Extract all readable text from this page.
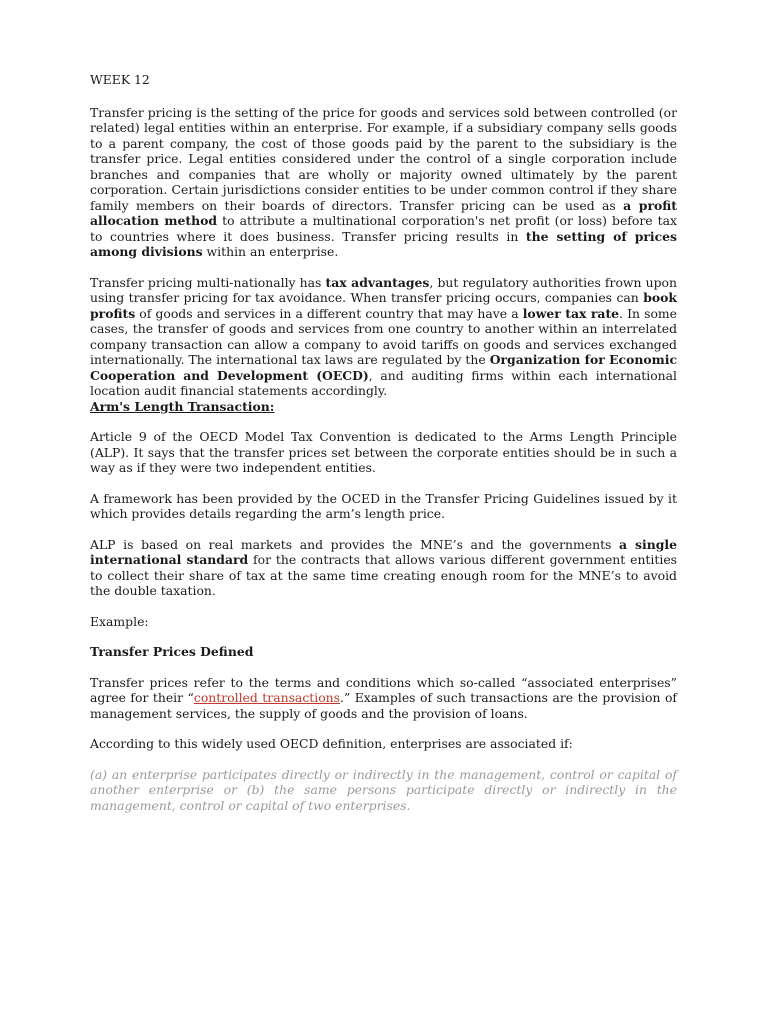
WEEK 12

Transfer pricing is the setting of the price for goods and services sold between controlled (or related) legal entities within an enterprise. For example, if a subsidiary company sells goods to a parent company, the cost of those goods paid by the parent to the subsidiary is the transfer price. Legal entities considered under the control of a single corporation include branches and companies that are wholly or majority owned ultimately by the parent corporation. Certain jurisdictions consider entities to be under common control if they share family members on their boards of directors. Transfer pricing can be used as a profit allocation method to attribute a multinational corporation's net profit (or loss) before tax to countries where it does business. Transfer pricing results in the setting of prices among divisions within an enterprise.

Transfer pricing multi-nationally has tax advantages, but regulatory authorities frown upon using transfer pricing for tax avoidance. When transfer pricing occurs, companies can book profits of goods and services in a different country that may have a lower tax rate. In some cases, the transfer of goods and services from one country to another within an interrelated company transaction can allow a company to avoid tariffs on goods and services exchanged internationally. The international tax laws are regulated by the Organization for Economic Cooperation and Development (OECD), and auditing firms within each international location audit financial statements accordingly.

Arm's Length Transaction:

Article 9 of the OECD Model Tax Convention is dedicated to the Arms Length Principle (ALP). It says that the transfer prices set between the corporate entities should be in such a way as if they were two independent entities.

A framework has been provided by the OCED in the Transfer Pricing Guidelines issued by it which provides details regarding the arm’s length price.

ALP is based on real markets and provides the MNE’s and the governments a single international standard for the contracts that allows various different government entities to collect their share of tax at the same time creating enough room for the MNE’s to avoid the double taxation.

Example:

Transfer Prices Defined

Transfer prices refer to the terms and conditions which so-called “associated enterprises” agree for their “controlled transactions.” Examples of such transactions are the provision of management services, the supply of goods and the provision of loans.

According to this widely used OECD definition, enterprises are associated if:

(a) an enterprise participates directly or indirectly in the management, control or capital of another enterprise or (b) the same persons participate directly or indirectly in the management, control or capital of two enterprises.
